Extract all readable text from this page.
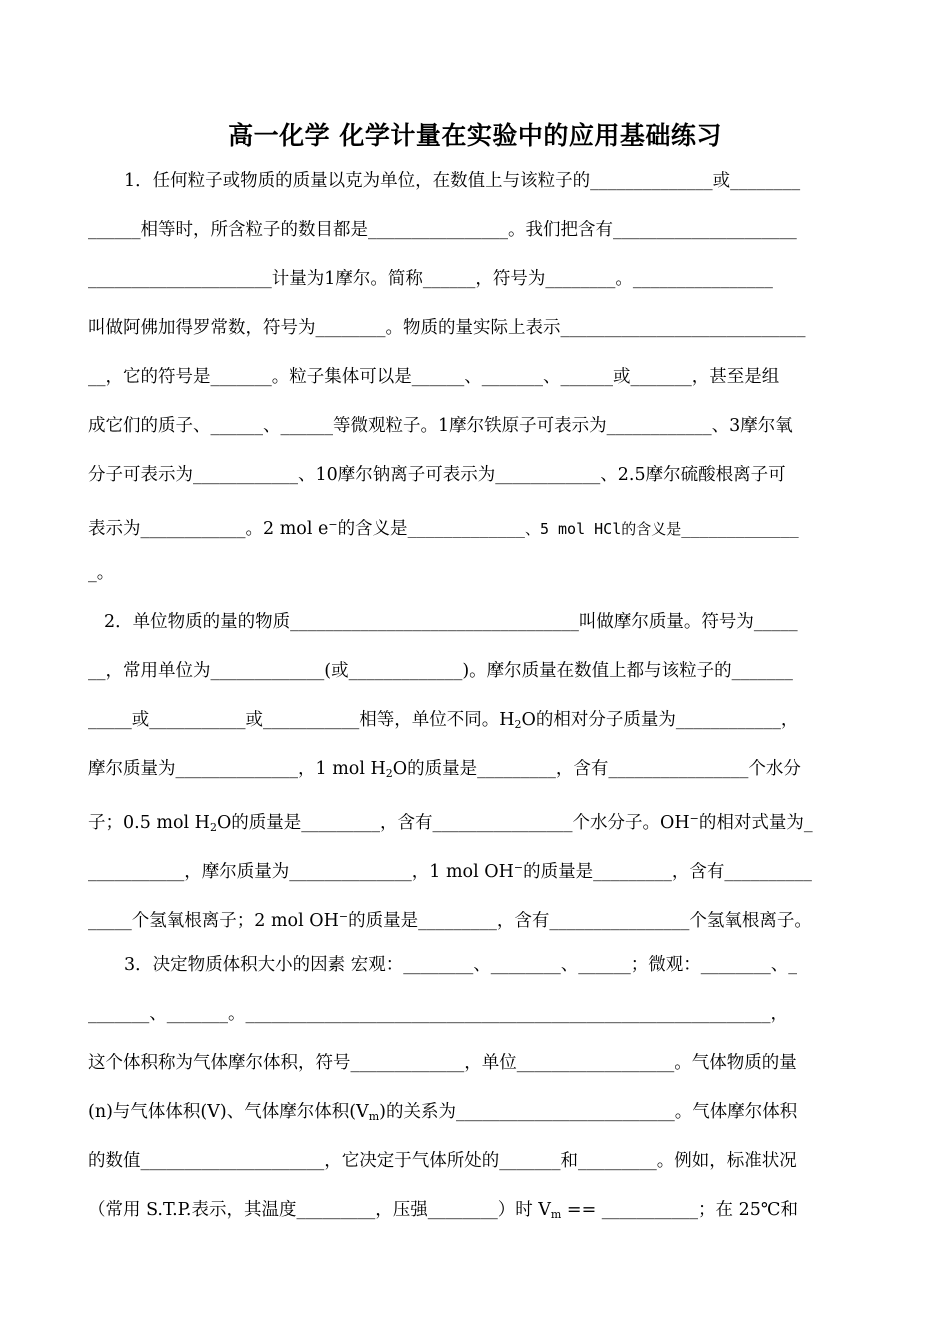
高一化学 化学计量在实验中的应用基础练习
1．任何粒子或物质的质量以克为单位，在数值上与该粒子的______________或________
______相等时，所含粒子的数目都是________________。我们把含有_____________________
_____________________计量为1摩尔。简称______，符号为________。________________
叫做阿佛加得罗常数，符号为________。物质的量实际上表示____________________________
__，它的符号是_______。粒子集体可以是______、_______、______或_______，甚至是组
成它们的质子、______、______等微观粒子。1摩尔铁原子可表示为____________、3摩尔氧
分子可表示为____________、10摩尔钠离子可表示为____________、2.5摩尔硫酸根离子可
表示为____________。2 mol e−的含义是_____________、5 mol HCl的含义是_____________
_。
2．单位物质的量的物质_________________________________叫做摩尔质量。符号为_____
__，常用单位为_____________(或_____________)。摩尔质量在数值上都与该粒子的_______
_____或___________或___________相等，单位不同。$H_2O$的相对分子质量为____________，
摩尔质量为______________，1 mol $H_2O$的质量是_________，含有________________个水分
子；0.5 mol $H_2O$的质量是_________，含有________________个水分子。OH−的相对式量为_
___________，摩尔质量为______________，1 mol OH−的质量是_________，含有__________
_____个氢氧根离子；2 mol OH−的质量是_________，含有________________个氢氧根离子。
3．决定物质体积大小的因素 宏观：________、________、______；微观：________、_
_______、_______。____________________________________________________________，
这个体积称为气体摩尔体积，符号_____________，单位__________________。气体物质的量
(n)与气体体积(V)、气体摩尔体积$(V_m)$的关系为_________________________。气体摩尔体积
的数值_____________________，它决定于气体所处的_______和_________。例如，标准状况
（常用 S.T.P.表示，其温度_________，压强________）时 $V_m$ == ___________；在 25℃和
